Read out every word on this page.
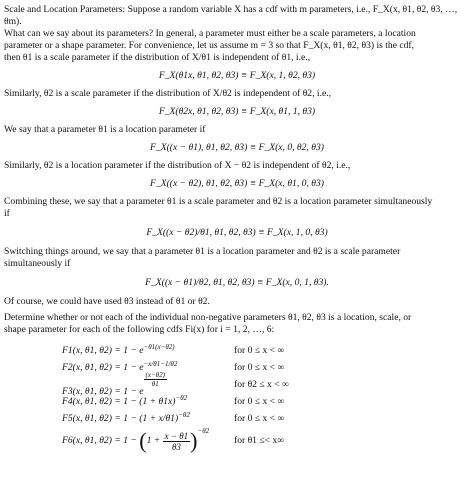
Scale and Location Parameters: Suppose a random variable X has a cdf with m parameters, i.e., F_X(x, θ1, θ2, θ3, …, θm).

What can we say about its parameters? In general, a parameter must either be a scale parameters, a location

parameter or a shape parameter. For convenience, let us assume m = 3 so that F_X(x, θ1, θ2, θ3) is the cdf,

then θ1 is a scale parameter if the distribution of X/θ1 is independent of θ1, i.e.,

F_X(θ1x, θ1, θ2, θ3) ≡ F_X(x, 1, θ2, θ3)

Similarly, θ2 is a scale parameter if the distribution of X/θ2 is independent of θ2, i.e.,

F_X(θ2x, θ1, θ2, θ3) ≡ F_X(x, θ1, 1, θ3)

We say that a parameter θ1 is a location parameter if

F_X((x − θ1), θ1, θ2, θ3) ≡ F_X(x, 0, θ2, θ3)

Similarly, θ2 is a location parameter if the distribution of X − θ2 is independent of θ2, i.e.,

F_X((x − θ2), θ1, θ2, θ3) ≡ F_X(x, θ1, 0, θ3)

Combining these, we say that a parameter θ1 is a scale parameter and θ2 is a location parameter simultaneously

if

F_X((x − θ2)/θ1, θ1, θ2, θ3) ≡ F_X(x, 1, 0, θ3)

Switching things around, we say that a parameter θ1 is a location parameter and θ2 is a scale parameter

simultaneously if

F_X((x − θ1)/θ2, θ1, θ2, θ3) ≡ F_X(x, 0, 1, θ3).

Of course, we could have used θ3 instead of θ1 or θ2.

Determine whether or not each of the individual non-negative parameters θ1, θ2, θ3 is a location, scale, or

shape parameter for each of the following cdfs Fi(x) for i = 1, 2, …, 6:

F1(x, θ1, $\theta 2) = 1 - e^{-\theta 1(x-\theta 2)}$	for 0 ≤ x < ∞
F2(x, θ1, $\theta 2) = 1 - e^{-x/\theta 1-1/\theta 2}$	for 0 ≤ x < ∞
F3(x, θ1, θ2) = 1 − e
$^{\frac{(x-\theta 2)}{\theta 1}}$	for θ2 ≤ x < ∞
F4(x, θ1, $\theta 2) = 1 - (1 + \theta 1x)^{-\theta 2}$	for 0 ≤ x < ∞
F5(x, θ1, $\theta 2) = 1 - (1 + x/\theta 1)^{-\theta 2}$	for 0 ≤ x < ∞
F6(x, θ1, $\theta 2) = 1 - (1 + \frac{x - \theta 1}{\theta 3} )^{-\theta 2}$
for θ1 ≤< x∞
